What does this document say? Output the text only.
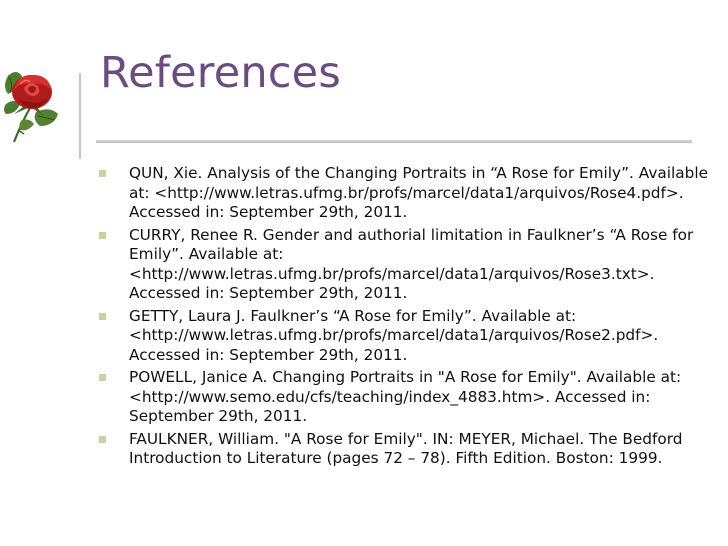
References
QUN, Xie. Analysis of the Changing Portraits in “A Rose for Emily”. Available at: <http://www.letras.ufmg.br/profs/marcel/data1/arquivos/Rose4.pdf>. Accessed in: September 29th, 2011.
CURRY, Renee R. Gender and authorial limitation in Faulkner’s “A Rose for Emily”. Available at: <http://www.letras.ufmg.br/profs/marcel/data1/arquivos/Rose3.txt>. Accessed in: September 29th, 2011.
GETTY, Laura J. Faulkner’s “A Rose for Emily”. Available at: <http://www.letras.ufmg.br/profs/marcel/data1/arquivos/Rose2.pdf>. Accessed in: September 29th, 2011.
POWELL, Janice A. Changing Portraits in "A Rose for Emily". Available at: <http://www.semo.edu/cfs/teaching/index_4883.htm>. Accessed in: September 29th, 2011.
FAULKNER, William. "A Rose for Emily". IN: MEYER, Michael. The Bedford Introduction to Literature (pages 72 – 78). Fifth Edition. Boston: 1999.
